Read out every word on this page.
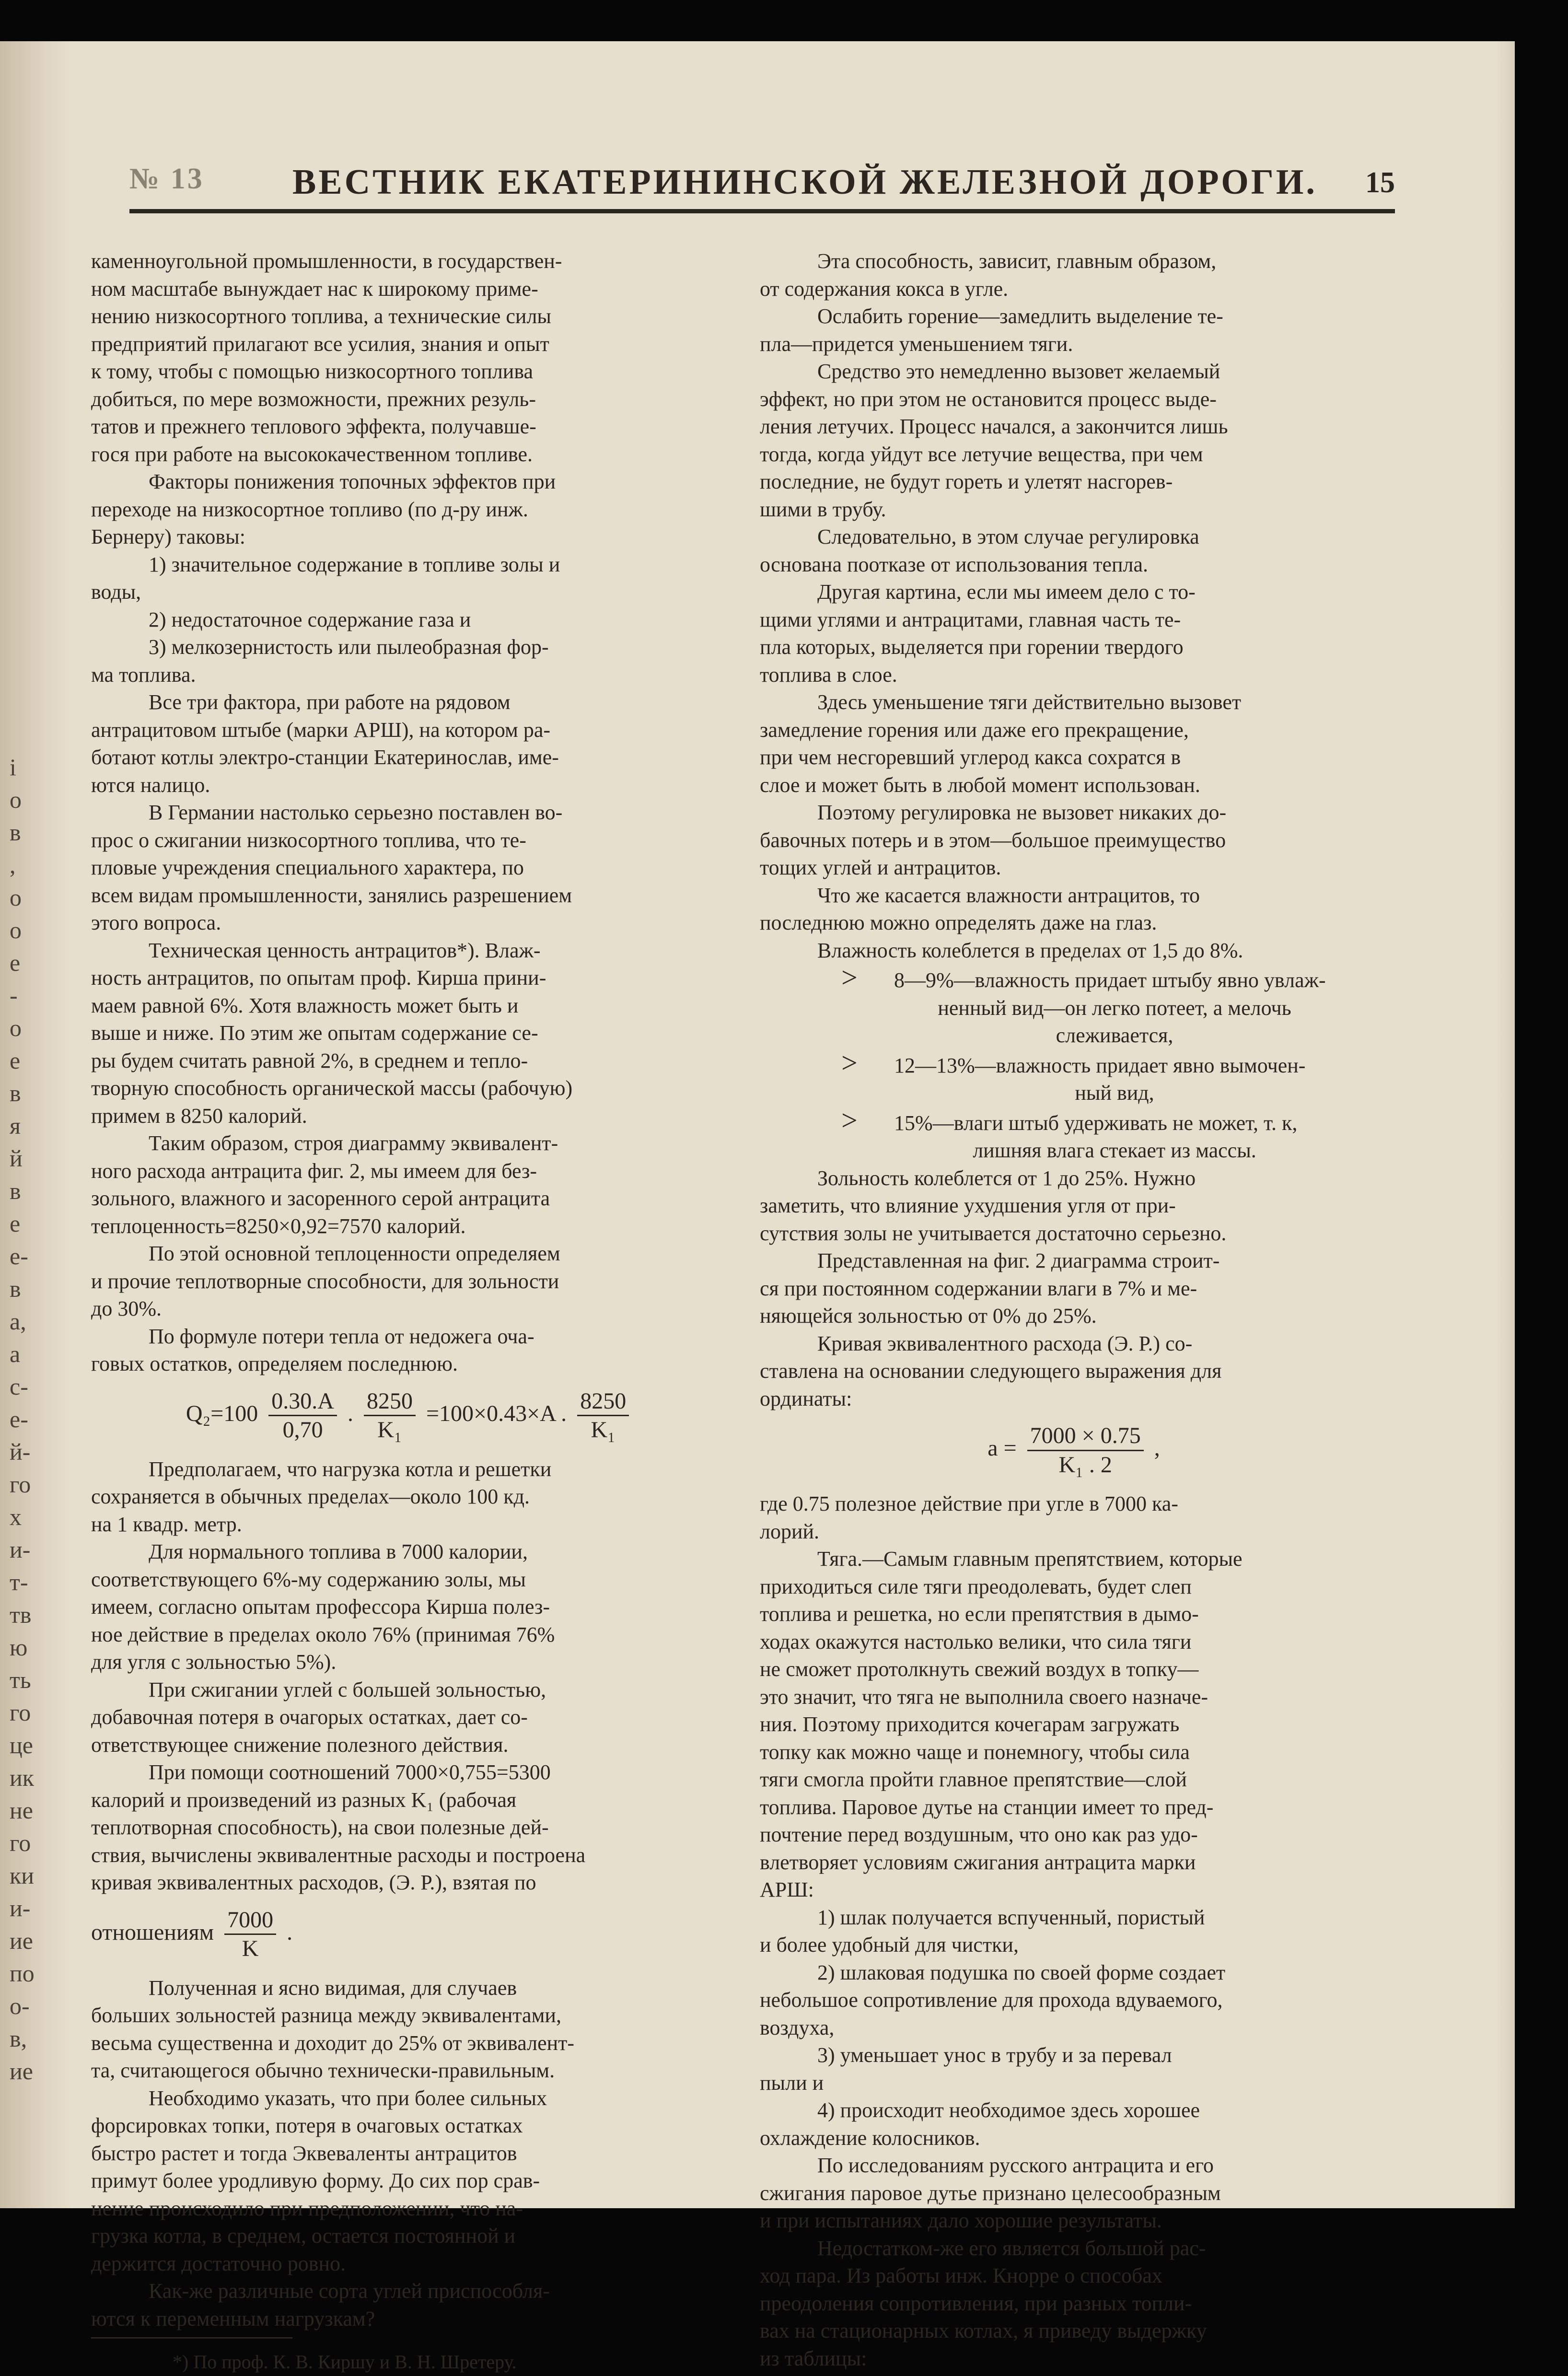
і
о
в
,
о
о
е
-
о
е
в
я
й
в
е
е-
в
а,
а
с-
е-
й-
го
х
и-
т-
тв
ю
ть
го
це
ик
не
го
ки
и-
ие
по
о-
в,
ие
№ 13 ВЕСТНИК ЕКАТЕРИНИНСКОЙ ЖЕЛЕЗНОЙ ДОРОГИ. 15

каменноугольной промышленности, в государствен-

ном масштабе вынуждает нас к широкому приме-

нению низкосортного топлива, а технические силы

предприятий прилагают все усилия, знания и опыт

к тому, чтобы с помощью низкосортного топлива

добиться, по мере возможности, прежних резуль-

татов и прежнего теплового эффекта, получавше-

гося при работе на высококачественном топливе.

Факторы понижения топочных эффектов при

переходе на низкосортное топливо (по д-ру инж.

Бернеру) таковы:

1) значительное содержание в топливе золы и

воды,

2) недостаточное содержание газа и

3) мелкозернистость или пылеобразная фор-

ма топлива.

Все три фактора, при работе на рядовом

антрацитовом штыбе (марки АРШ), на котором ра-

ботают котлы электро-станции Екатеринослав, име-

ются налицо.

В Германии настолько серьезно поставлен во-

прос о сжигании низкосортного топлива, что те-

пловые учреждения специального характера, по

всем видам промышленности, занялись разрешением

этого вопроса.

Техническая ценность антрацитов*). Влаж-

ность антрацитов, по опытам проф. Кирша прини-

маем равной 6%. Хотя влажность может быть и

выше и ниже. По этим же опытам содержание се-

ры будем считать равной 2%, в среднем и тепло-

творную способность органической массы (рабочую)

примем в 8250 калорий.

Таким образом, строя диаграмму эквивалент-

ного расхода антрацита фиг. 2, мы имеем для без-

зольного, влажного и засоренного серой антрацита

теплоценность=8250×0,92=7570 калорий.

По этой основной теплоценности определяем

и прочие теплотворные способности, для зольности

до 30%.

По формуле потери тепла от недожега оча-

говых остатков, определяем последнюю.

$Q_2=100 \frac{0.30.A}{0,70}$ . $\frac{8250}{\text{K₁}} =100\times 0.43\times A$ . $\frac{8250}{\text{K₁}}$

Предполагаем, что нагрузка котла и решетки

сохраняется в обычных пределах—около 100 кд.

на 1 квадр. метр.

Для нормального топлива в 7000 калории,

соответствующего 6%-му содержанию золы, мы

имеем, согласно опытам профессора Кирша полез-

ное действие в пределах около 76% (принимая 76%

для угля с зольностью 5%).

При сжигании углей с большей зольностью,

добавочная потеря в очагорых остатках, дает со-

ответствующее снижение полезного действия.

При помощи соотношений 7000×0,755=5300

калорий и произведений из разных K₁ (рабочая

теплотворная способность), на свои полезные дей-

ствия, вычислены эквивалентные расходы и построена

кривая эквивалентных расходов, (Э. Р.), взятая по

отношениям $\frac{7000}{K}$ .

Полученная и ясно видимая, для случаев

больших зольностей разница между эквивалентами,

весьма существенна и доходит до 25% от эквивалент-

та, считающегося обычно технически-правильным.

Необходимо указать, что при более сильных

форсировках топки, потеря в очаговых остатках

быстро растет и тогда Эквеваленты антрацитов

примут более уродливую форму. До сих пор срав-

нение происходило при предположении, что на-

грузка котла, в среднем, остается постоянной и

держится достаточно ровно.

Как-же различные сорта углей приспособля-

ются к переменным нагрузкам?

*) По проф. К. В. Киршу и В. Н. Шретеру.

Эта способность, зависит, главным образом,

от содержания кокса в угле.

Ослабить горение—замедлить выделение те-

пла—придется уменьшением тяги.

Средство это немедленно вызовет желаемый

эффект, но при этом не остановится процесс выде-

ления летучих. Процесс начался, а закончится лишь

тогда, когда уйдут все летучие вещества, при чем

последние, не будут гореть и улетят насгорев-

шими в трубу.

Следовательно, в этом случае регулировка

основана поотказе от использования тепла.

Другая картина, если мы имеем дело с то-

щими углями и антрацитами, главная часть те-

пла которых, выделяется при горении твердого

топлива в слое.

Здесь уменьшение тяги действительно вызовет

замедление горения или даже его прекращение,

при чем несгоревший углерод какса сохратся в

слое и может быть в любой момент использован.

Поэтому регулировка не вызовет никаких до-

бавочных потерь и в этом—большое преимущество

тощих углей и антрацитов.

Что же касается влажности антрацитов, то

последнюю можно определять даже на глаз.

Влажность колеблется в пределах от 1,5 до 8%.

> 8—9%—влажность придает штыбу явно увлаж-

ненный вид—он легко потеет, а мелочь

слеживается,

> 12—13%—влажность придает явно вымочен-

ный вид,

> 15%—влаги штыб удерживать не может, т. к,

лишняя влага стекает из массы.

Зольность колеблется от 1 до 25%. Нужно

заметить, что влияние ухудшения угля от при-

сутствия золы не учитывается достаточно серьезно.

Представленная на фиг. 2 диаграмма строит-

ся при постоянном содержании влаги в 7% и ме-

няющейся зольностью от 0% до 25%.

Кривая эквивалентного расхода (Э. Р.) со-

ставлена на основании следующего выражения для

ординаты:

$a = \frac{7000 \times 0.75}{\text{K₁ . 2}}$ ,

где 0.75 полезное действие при угле в 7000 ка-

лорий.

Тяга.—Самым главным препятствием, которые

приходиться силе тяги преодолевать, будет слеп

топлива и решетка, но если препятствия в дымо-

ходах окажутся настолько велики, что сила тяги

не сможет протолкнуть свежий воздух в топку—

это значит, что тяга не выполнила своего назначе-

ния. Поэтому приходится кочегарам загружать

топку как можно чаще и понемногу, чтобы сила

тяги смогла пройти главное препятствие—слой

топлива. Паровое дутье на станции имеет то пред-

почтение перед воздушным, что оно как раз удо-

влетворяет условиям сжигания антрацита марки

АРШ:

1) шлак получается вспученный, пористый

и более удобный для чистки,

2) шлаковая подушка по своей форме создает

небольшое сопротивление для прохода вдуваемого,

воздуха,

3) уменьшает унос в трубу и за перевал

пыли и

4) происходит необходимое здесь хорошее

охлаждение колосников.

По исследованиям русского антрацита и его

сжигания паровое дутье признано целесообразным

и при испытаниях дало хорошие результаты.

Недостатком-же его является большой рас-

ход пара. Из работы инж. Кнорре о способах

преодоления сопротивления, при разных топли-

вах на стационарных котлах, я приведу выдержку

из таблицы:
